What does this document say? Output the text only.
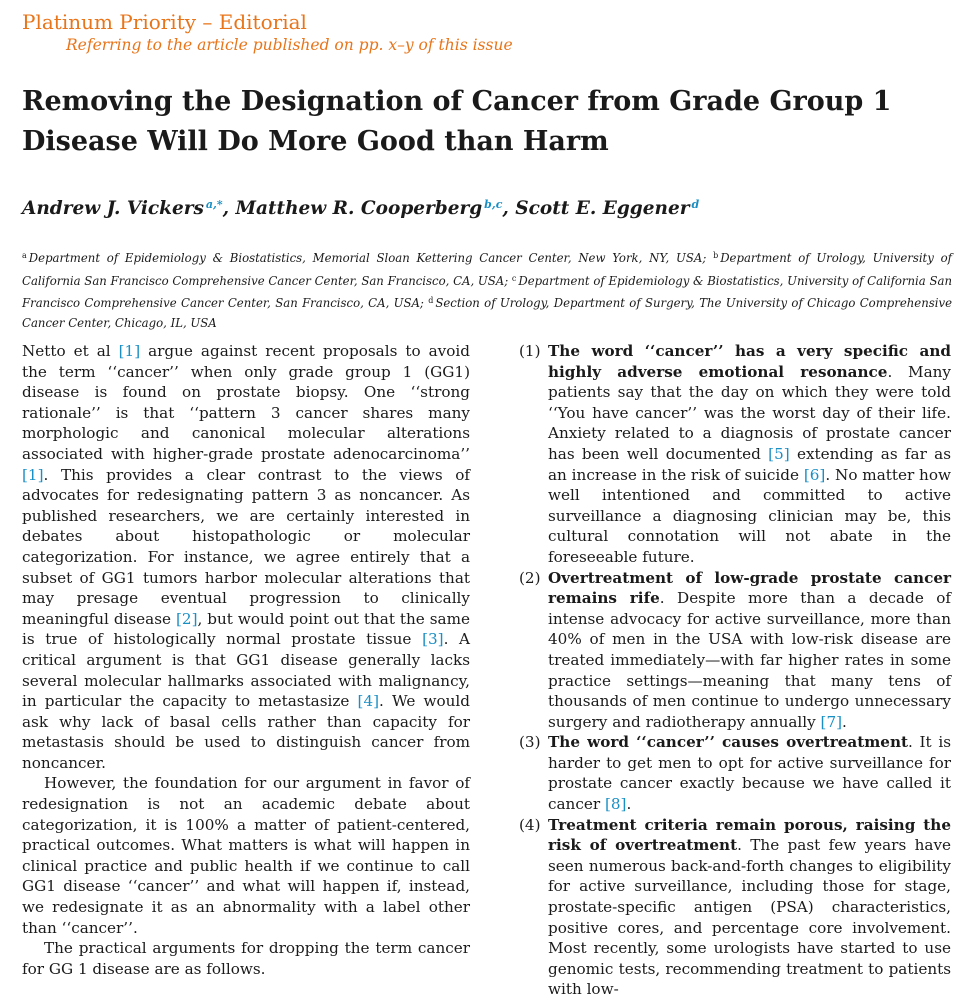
Platinum Priority – Editorial
Referring to the article published on pp. x–y of this issue
Removing the Designation of Cancer from Grade Group 1 Disease Will Do More Good than Harm
Andrew J. Vickers $^{a,*}$, Matthew R. Cooperberg $^{b,c}$, Scott E. Eggener $^d$
$^a$ Department of Epidemiology & Biostatistics, Memorial Sloan Kettering Cancer Center, New York, NY, USA; $^b$ Department of Urology, University of California San Francisco Comprehensive Cancer Center, San Francisco, CA, USA; $^c$ Department of Epidemiology & Biostatistics, University of California San Francisco Comprehensive Cancer Center, San Francisco, CA, USA; $^d$ Section of Urology, Department of Surgery, The University of Chicago Comprehensive Cancer Center, Chicago, IL, USA

Netto et al [1] argue against recent proposals to avoid the term ‘‘cancer’’ when only grade group 1 (GG1) disease is found on prostate biopsy. One ‘‘strong rationale’’ is that ‘‘pattern 3 cancer shares many morphologic and canonical molecular alterations associated with higher-grade prostate adenocarcinoma’’ [1]. This provides a clear contrast to the views of advocates for redesignating pattern 3 as noncancer. As published researchers, we are certainly interested in debates about histopathologic or molecular categorization. For instance, we agree entirely that a subset of GG1 tumors harbor molecular alterations that may presage eventual progression to clinically meaningful disease [2], but would point out that the same is true of histologically normal prostate tissue [3]. A critical argument is that GG1 disease generally lacks several molecular hallmarks associated with malignancy, in particular the capacity to metastasize [4]. We would ask why lack of basal cells rather than capacity for metastasis should be used to distinguish cancer from noncancer.

However, the foundation for our argument in favor of redesignation is not an academic debate about categorization, it is 100% a matter of patient-centered, practical outcomes. What matters is what will happen in clinical practice and public health if we continue to call GG1 disease ‘‘cancer’’ and what will happen if, instead, we redesignate it as an abnormality with a label other than ‘‘cancer’’.

The practical arguments for dropping the term cancer for GG 1 disease are as follows.

(1) The word ‘‘cancer’’ has a very specific and highly adverse emotional resonance. Many patients say that the day on which they were told ‘‘You have cancer’’ was the worst day of their life. Anxiety related to a diagnosis of prostate cancer has been well documented [5] extending as far as an increase in the risk of suicide [6]. No matter how well intentioned and committed to active surveillance a diagnosing clinician may be, this cultural connotation will not abate in the foreseeable future.
(2) Overtreatment of low-grade prostate cancer remains rife. Despite more than a decade of intense advocacy for active surveillance, more than 40% of men in the USA with low-risk disease are treated immediately—with far higher rates in some practice settings—meaning that many tens of thousands of men continue to undergo unnecessary surgery and radiotherapy annually [7].
(3) The word ‘‘cancer’’ causes overtreatment. It is harder to get men to opt for active surveillance for prostate cancer exactly because we have called it cancer [8].
(4) Treatment criteria remain porous, raising the risk of overtreatment. The past few years have seen numerous back-and-forth changes to eligibility for active surveillance, including those for stage, prostate-specific antigen (PSA) characteristics, positive cores, and percentage core involvement. Most recently, some urologists have started to use genomic tests, recommending treatment to patients with low-
